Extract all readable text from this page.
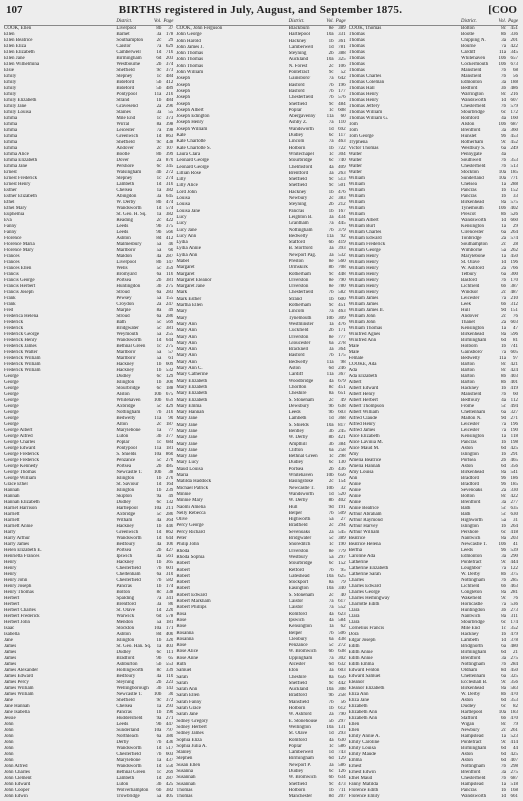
107	BIRTHS registered in July, August, and September 1875.	[COO
District.	Vol. Page
COOK, Ellen	Liverpool	8b	37
Ellen	Barnet	3a 178
Ellen Beatrice	Southampton	2c	29
Ellen Eliza	Caistor	7a 629
Ellen Elizabeth	Camberwell	1d 716
Ellen Jane	Birmingham	6d 203
Ellen Wilhelmina	Westbourne	2b 374
Elsie	Sheffield	9c 373
Emily	Stepney	1c 484
Emily	Bideford	5b 412
Emily	Bideford	5b 489
Emily	Pontypool	11a 216
Emily Elizabeth	Strand	1b 484
Emily Jane	Gravesend	2a 296
Emily Louisa	Staines	3a	55
Emma	Mile End	1c 373
Emma	Wirral	8a 398
Emma	Leicester	7a 198
Emma	Greenwich	1d 863
Emma	Sheffield	9c 438
Emma	Andover	2c 107
Emma Alice	Bootle	8b 399
Emma Elizabeth	Dover	2a 870
Emma Jane	Pershore	6c 345
Ernest	Walsingham	4b 272
Ernest Frederick	Stepney	1c 274
Ernest Henry	Lambeth	1d 316
Esther	Chelsea	1a 382
Esther Elizabeth	Abingdon	3a 645
Ethel	W. Derby	8b 474
Ethel Mary	Wandsworth	1d 574
Euphemia	St. Geo. H. Sq.	1a 382
Eva	Reading	2c 422
Fanny	Leeds	9b 375
Fanny	Leeds	9b 566
Florence	Ashton	8d 412
Florence Maria	Malmesbury	5a	46
Florence Mary	Marlboro'	5a	60
Frances	Maldon	4a 287
Frances	Liverpool	8b 147
Frances Ellen	Wells	5c 359
Francis	Bromyard	6a 116
Francis George	Portsea	2b 381
Francis Herbert	Huntingdon	3b 275
Francis Joseph	Stroud	6a 283
Frank	Pewsey	5a 155
Frank	Croydon	2a 247
Fred	Marple	8a	49
Frederica Helena	Stroud	6a 286
Frederick	Bath	5c 569
Frederick	Bridgwater	5c 381
Frederick George	Weymouth	5a 255
Frederick Henry	Wandsworth	1d 644
Frederick James	Bethnal Green	1c 275
Frederick Walter	Marlboro'	5a	57
Frederick William	Marlboro'	5a	61
Frederick William	Hackney	1b 609
Frederick William	Hackney	1b 532
George	Dudley	6c 129
George	Islington	1b 300
George	Stourbridge	6c 188
George	Alston	10b 675
George	Whitehaven	10b 659
George	Axbridge	5c 429
George	Nottingham	7b 316
George	Bedwelty	11a	90
George	Alton	2c 187
George Albert	Marylebone	1a	77
George Alfred	Luton	3b 377
George Charles	Poplar	1c 684
George Edward	Pontypool	11a 181
George Frederick	S. Shields	10a 860
George Frederick	Penzance	5c 270
George Kennedy	Portsea	2b 485
George Thomas	Newcastle T.	10b	38
George William	Islington	1b 276
Grace Ethel	St. Saviour	1d 164
Hannah	Islington	1b 239
Hannah	Skipton	9a	49
Hannah Elizabeth	Dudley	6c 132
Harriet Harrison	Hartlepool	10a 211
Harriett	Axbridge	5c 286
Harriett	Witham	4a 364
Harriett Annie	Hackney	1b 446
Harry	Greenwich	1d 862
Harry Arthur	Wandsworth	1d 644
Harry James	Bedfoury	4a 106
Helen Elizabeth E.	Portsea	2b 427
Henrietta Frances	Ipswich	4a 561
Henry	Hackney	1b 365
Henry	Chesterfield	7b 601
Henry	Cheltenham	6a 310
Henry John	Chesterfield	7b 582
Henry Joseph	Pancras	1b 174
Henry Thomas	Bolton	8c 338
Herbert	Spalding	7a 341
Herbert	Brentford	3a	86
Herbert Charles	St. Olave	1d 220
Herbert Frederick	Warwick	6d 578
Herbert John	Mendon	5a 181
Isaac	Stockton	10a 171
Isabella	Ashton	8d 406
Jane	Islington	1b 320
James	St. Geo. Han. Sq.	1a 403
James	Dudley	6c 111
James	Bradford	9b	65
James	Ashburton	5b 553
James Alexander	Hollingworth	8c 339
James Edward	Bedfoury	4a 110
James Percy	Steyning	2b 223
James William	Wellingborough	3b 143
James William	Newcastle T.	10b	30
Jane	Sheffield	9c 372
Jane Hannah	Chelsea	1a 293
Jane Isabella	Pancras	1b 190
Jessie	Huddersfield	9a 271
John	Leeds	9b 447
John	Sunderland	10a 797
John	Northleach	6a 380
John	Derby	7b 436
John	Wandsworth	1d 517
John	Chesterfield	7b 603
John	Marylebone	1a 437
John Alfred	Wandsworth	1d 550
John Charles	Bethnal Green	1c 269
John Clement	Lambeth	1d 287
John Edward	Luton	3b 425
John Cooper	Wolverhampton	6b 382
John Edwin	Trowbridge	5a 405
District.	Vol. Page
COOK, John Ferguson	Blackburn	8e 389
John George	Hartlepool	10a 331
John Harold	Hackney	1b 361
John James J.	Camberwell	1d 781
John Thomas	Steyning	2b 388
John Thomas	Auckland	10a 325
John Thomas	N. Forest	2c 106
John William	Pontefract	9c	52
Joseph	Gainsboro'	7a 642
Joseph	Basford	7b 196
Joseph	Basford	7b 177
Joseph	Chesterfield	7b 576
Joseph	Sheffield	9c 484
Joseph Albert	Poplar	1c 608
Joseph Edington	Abergavenny	11a	60
Joseph Henry	Ashby Z.	7a 110
Joseph William	Wandsworth	1d 692
Kate	Dudley	6c 117
Kate Charlotte	Lincoln	7a 463
Kate Charlotte S.	Holborn	1b 722
Laura Clara	Whitechapel	1c 304
Leonard George	Stourbridge	6c 740
Leonard George	Chelmsford	4a 409
Lillian Rose	Brentford	3a 263
Lilly	Sheffield	9c 513
Lilly Alice	Sheffield	9c 501
Lord John	Hackney	1b 476
Louisa	Newbury	2c 383
Louisa	Steyning	2b 212
Louisa Jane	Pancras	1b 167
Lucy	Leighton B.	3a 434
Lucy	Grantham	7a 445
Lucy Jane	Nottingham	7b 379
Lucy Ann	Bedwelty	11a	92
Lydia	Stafford	6b 419
Lydia Annie	B. Stortford	3a 393
Lydia Ann	Newport Pag.	3a 532
Mabel	Preston	8e 560
Margaret	Ormskirk	8b 708
Margaret	Rotherham	9c 448
Margaret Eleanor	Ulverston	8e 790
Margaret Jane	Ulverston	8e 780
Mark	Chesterfield	7b 582
Mark Esther	Strand	1b 600
Martha Ellen	Rotherham	9c 451
Mary	Lincoln	7a 463
Mary	Tynemouth	10b 309
Mary Ann	Westminster	1a 476
Mary Ann	Cuckfield	2b 171
Mary Ann	Ulverston	8e 777
Mary Ann	Gloucester	6a 278
Mary Ann	Bracknell	3a 364
Mary Ann	Basford	7b 175
Mary Ann	Bedwelty	11a	98
Mary Ann C.	Aston	6d 246
Mary Catherine	Cardiff	11a 367
Mary Elizabeth	Woodbridge	4a 679
Mary Elizabeth	Chorlton	8c 451
Mary Elizabeth	Cheshire	8a 651
Mary Elizabeth	S. Stoneham	2c	49
Mary Emma	Dewsbury	9b 638
Mary Hannah	Leeds	9b 603
Mary Jane	Lambeth	1d 368
Mary Jane	S. Shields	10a 817
Mary Jane	Bentley	3b 245
Mary Jane	W. Derby	8b 421
Mary Jane	Ampthill	3b 384
Mary Jane	Clifton	6a 258
Mary Jane	Bethnal Green	1c 298
Mary Lucy	Dudley	6c 130
Maud Louisa	Portsea	2b 436
Maria	Whitehaven	10b 656
Matilda Haddock	Basingstoke	2c 154
Michael Patrick	Newcastle T.	10b	32
Minnie	Wandsworth	1d 520
Minnie Mary	W. Derby	8b 402
Naomi Amelia	Hull	9d 191
Nelly Rebecca	Belper	7b 509
Olive	Highworth	5a	27
Percy George	Bradfield	2c 294
Percy Richard	Sevenoaks	2a 545
Peter	Bridgwater	5c 389
Philip John	Shoreditch	1c 190
Rhoda	Ulverston	8e 779
Rhoda Sophia	Westbury	5a 297
Robert	Stourbridge	6c 152
Robert	Retford	7b	95
Robert	Gateshead	10a 625
Robert	Stockport	8a	79
Robert	Easington	10a 340
Robert Edward	S. Stoneham	2c	40
Robert Markham	Caistor	7a 617
Robert Phillips	Caistor	7a 552
Rosa	Romford	4a 623
Rose	Ipswich	4a 584
Rose	Kensington	1a	62
Rosanna	Belper	7b 506
Rosanna	Cleobury	6a 438
Rose	Penzance	5c 272
Rose Alice	W. Bromwich	6b 638
Rose Anne	Uppingham	7a 302
Ruth	Alcester	6d 632
Samuel	Eton	3a 603
Sarah	Cheshire	8a 656
Sarah	Sheffield	9c 442
Sarah Ann	Auckland	10a 308
Sarah Ellen	Bradford	9b 258
Sarah Fanny	Mansfield	7b	56
Sarah Grace	Holborn	1b 612
Sarah Jane	W. Ashford	2a 790
Sidney Gregory	E. Stonehouse	5b 297
Sidney Herbert	Wellington	10a 131
Sidney James	St. Olave	1d 293
Sophia Eliza	Romford	4a 630
Sophia Julia A.	Poplar	1c 586
Stanley	Camberwell	1d 743
Stephen	Birmingham	6d 129
Susan Ellen	Newport P.	3a 586
Susanna	Dudley	6c 126
Susannah	W. Bromwich	6b 634
Susannah	Sheffield	9c 473
Thomas	Holborn	1b 711
Thomas	Manchester	8d 207
District.	Vol. Page
COOK, Thomas	Bolton	8c 451
Thomas	Bootle	8b 336
Thomas	Chipping N.	3a 201
Thomas	Bourne	7a 422
Thomas	Cardiff	11a 345
Thomas	Whitehaven	10b 657
Thomas	Cockermouth	10b 673
Thomas	Mansfield	7b	68
Thomas Charles	Mansfield	7b	56
Thomas Coleman	Edmonton	3a 188
Thomas Hall	Bedford	3b 486
Thomas Henry	Warrington	8c 216
Thomas Henry	Wandsworth	1d 607
Thomas Jeffery	Chesterfield	7b 579
Thomas William	Stourbridge	6c 172
Thomas William G.	Romford	4a 160
Tom	Alston	10b 687
Tom	Brentford	3a 360
Tom George	Hunslet	9b 453
Tryphena	Rotherham	9c 452
Victor Thomas	Westbury S.	6a 249
Walter	Pennygate	4a
Walter	Southwell	7b 353
Walter	Chesterfield	7b 513
Walter	Stockton	10a 185
William	Sunderland	10a 771
William	Chelsea	1a 288
William	Pancras	1b 152
William	Pancras	1b	33
William	Birkenhead	8a 575
William	Tynemouth	10b 402
William	Prescot	8b 526
William Albert	Wandsworth	1d 660
William Burt	Kensington	1a	29
William Charles	Cirencester	6a 264
William Edward	Tonbridge	2a 574
William Frederick	Southampton	2c	28
William George	Wimborne	5a 262
William Henry	Marylebone	1a 450
William Henry	St. Olave	1d 196
William Henry	W. Ashford	2a 766
William Henry	Tetbury	6a 300
William Henry	Basford	7b 170
William Henry	Lichfield	6b 387
William Henry	Windsor	2c 487
William James	Leicester	7a 210
William James	Leek	6b 312
William James Il.	Hull	9d 151
William John	Andover	2c	76
William John	Thanet	2a 603
William Thomas	Kensington	1a	47
Winifred Agnes	Birkenhead	8a 596
Winifred Ann	Birmingham	6d	81
Male	Holborn	1b 741
Male	Gainsboro'	7a 605
Female	Bedwelty	11a	97
COOKE, Ada	Barton	8c 421
Ada	Barton	8c 424
Ada Elizabeth	Barton	8b 403
Albert	Barton	8b 401
Albert Edward	Hackney	1b 419
Albert Henry	Mansfield	7b	60
Albert Herbert	Bedfoury	4a 112
Albert Thompson	Frome	5c 494
Albert William	Cheltenham	6a 327
Alfred Claude	Malton N.	9d 271
Alfred Henry	Leicester	7a 196
Alfred James	Leicester	7a 190
Alice Elizabeth	Kensington	1a 118
Alice Lavinia M.	Pancras	1b 198
Alice Maud M.	Aston	6d 425
Amy	Islington	1b 291
Amelia Beatrice	Portsea	2b 465
Amelia Hannah	Aston	6d 356
Amy Louisa	Birkenhead	8a 541
Ann	Bradford	9b 186
Annie	Bradford	9b 185
Annie	Sevenoaks	2a 330
Annie	Bolton	8c 422
Annie	Brentford	3a 277
Annie Beatrice	Bath	5c 635
Arthur Abraham	Bath	5c 630
Arthur Raymond	Highworth	5a	31
Arthur Harvey	Islington	1b 264
Arthur William	Pershore	6c 418
Beatrice	Nantwich	8a 203
Beatrice Helena	Newcastle T.	10b	41
Bertha	Leeds	9b 539
Caroline Ada	Edmonton	3a 290
Catherine	Pontefract	9c 444
Catherine Elizabeth	Loughbor'	7a 122
Catherine Sarah	W. Derby	8b 375
Charles	Nottingham	7b 285
Charles Edward	Lichfield	6b 463
Charles George	Congleton	8a 281
Charles Hemingway	Wakefield	9c	76
Charlotte Edith	Horncastle	7a 536
Clara	Huntingdon	3b 273
Clara	Nantwich	8a 311
Clara	Stourbridge	6c 174
Cornelius Francis	Mile End	1c 352
Dora	Hackney	1b 479
Edgar Joseph	Lambeth	1d 378
Edith	Bridgnorth	6a 480
Edith Annie	Birmingham	6d	21
Edith Annie	Brentford	3a 275
Edith Emma	Nottingham	7b 284
Edward Fenton	Oldham	8d 450
Edward Samuel	Cheltenham	6a 325
Eleanor	Eccleshall B.	9c 356
Eleanor Elizabeth	Birkenhead	8a 583
Eliza Ann	W. Derby	8b 470
Eliza Jane	Aston	6d 353
Elizabeth	Dudley	6c	82
Elizabeth Ann	Hartlepool	10a 183
Elizabeth Ann	Stafford	6b 470
Ellen	Wigan	8c	79
Ellen	Newbury	2c 261
Emily Annie A.	Hampstead	1a 523
Emily Caroline	Pontefract	9c 414
Emily Louisa	Birmingham	6d	44
Emily Maude	Aston	6d 425
Emma	Aston	6d 407
Ernest	Nottingham	7b 298
Ernest Edwin	Brentford	3a 275
Ethel Maud	Chesterfield	7b 687
Fanny Matilda	Hampstead	1a 518
Florence Edith	Pancras	1b 168
Florence Emily	Wandsworth	1d 661
